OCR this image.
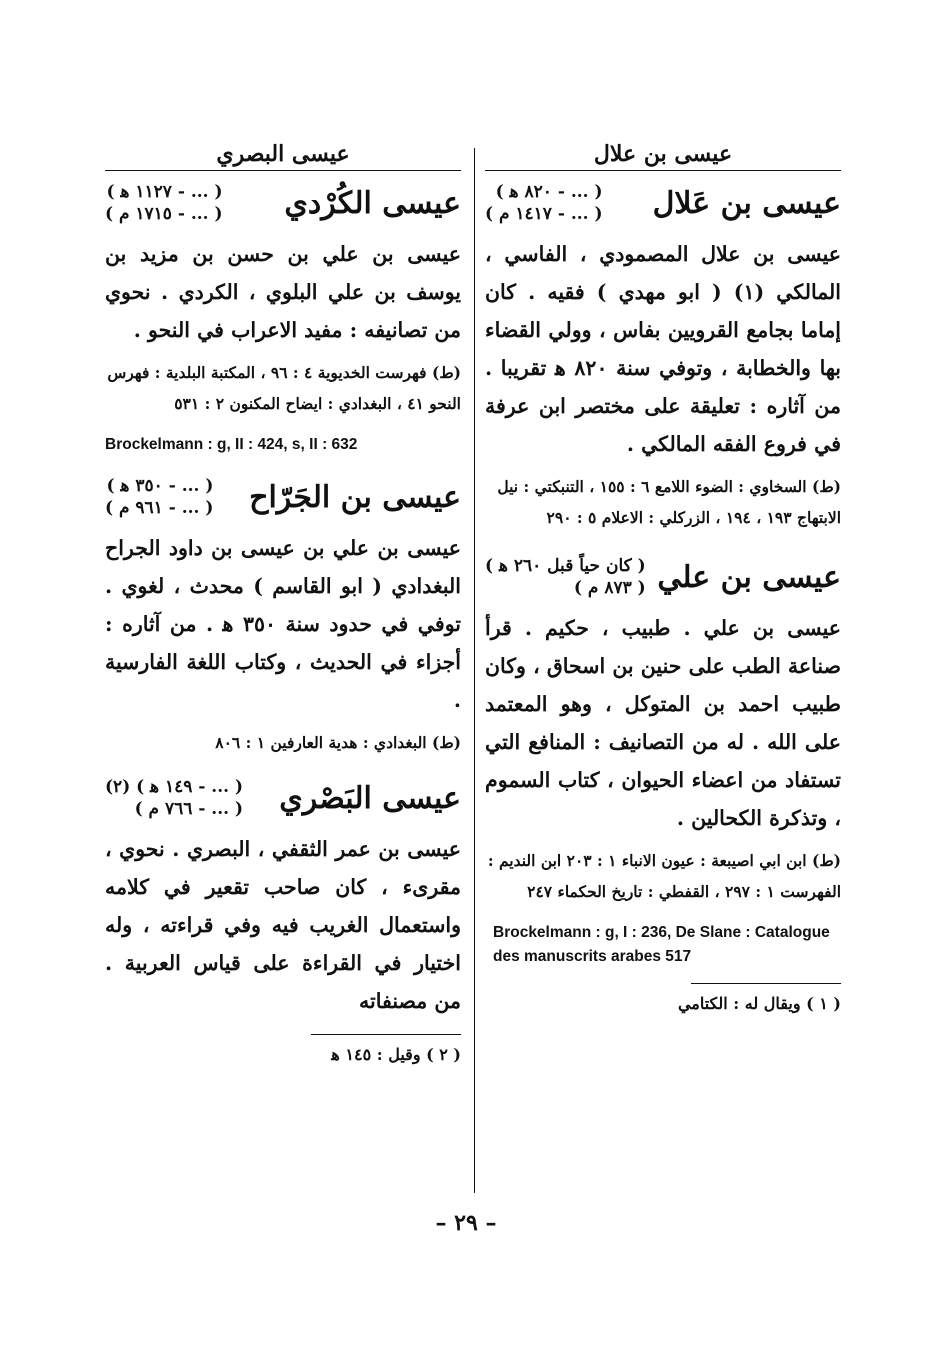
عيسى بن علال
عيسى بن عَلال
( ... - ٨٢٠ ﻫ )
( ... - ١٤١٧ م )
عيسى بن علال المصمودي ، الفاسي ، المالكي (١) ( ابو مهدي ) فقيه . كان إماما بجامع القرويين بفاس ، وولي القضاء بها والخطابة ، وتوفي سنة ٨٢٠ ﻫ تقريبا . من آثاره : تعليقة على مختصر ابن عرفة في فروع الفقه المالكي .
(ط) السخاوي : الضوء اللامع ٦ : ١٥٥ ، التنبكتي : نيل الابتهاج ١٩٣ ، ١٩٤ ، الزركلي : الاعلام ٥ : ٢٩٠
عيسى بن علي
( كان حياً قبل ٢٦٠ ﻫ )
( ٨٧٣ م )
عيسى بن علي . طبيب ، حكيم . قرأ صناعة الطب على حنين بن اسحاق ، وكان طبيب احمد بن المتوكل ، وهو المعتمد على الله . له من التصانيف : المنافع التي تستفاد من اعضاء الحيوان ، كتاب السموم ، وتذكرة الكحالين .
(ط) ابن ابي اصيبعة : عيون الانباء ١ : ٢٠٣ ابن النديم : الفهرست ١ : ٢٩٧ ، القفطي : تاريخ الحكماء ٢٤٧
Brockelmann : g, I : 236, De Slane : Catalogue des manuscrits arabes 517
( ١ ) ويقال له : الكتامي
عيسى البصري
عيسى الكُرْدي
( ... - ١١٢٧ ﻫ )
( ... - ١٧١٥ م )
عيسى بن علي بن حسن بن مزيد بن يوسف بن علي البلوي ، الكردي . نحوي من تصانيفه : مفيد الاعراب في النحو .
(ط) فهرست الخديوية ٤ : ٩٦ ، المكتبة البلدية : فهرس النحو ٤١ ، البغدادي : ايضاح المكنون ٢ : ٥٣١
Brockelmann : g, II : 424, s, II : 632
عيسى بن الجَرّاح
( ... - ٣٥٠ ﻫ )
( ... - ٩٦١ م )
عيسى بن علي بن عيسى بن داود الجراح البغدادي ( ابو القاسم ) محدث ، لغوي . توفي في حدود سنة ٣٥٠ ﻫ . من آثاره : أجزاء في الحديث ، وكتاب اللغة الفارسية .
(ط) البغدادي : هدية العارفين ١ : ٨٠٦
عيسى البَصْري
( ... - ١٤٩ ﻫ ) (٢)
( ... - ٧٦٦ م )
عيسى بن عمر الثقفي ، البصري . نحوي ، مقرىء ، كان صاحب تقعير في كلامه واستعمال الغريب فيه وفي قراءته ، وله اختيار في القراءة على قياس العربية . من مصنفاته
( ٢ ) وقيل : ١٤٥ ﻫ
– ٢٩ –
